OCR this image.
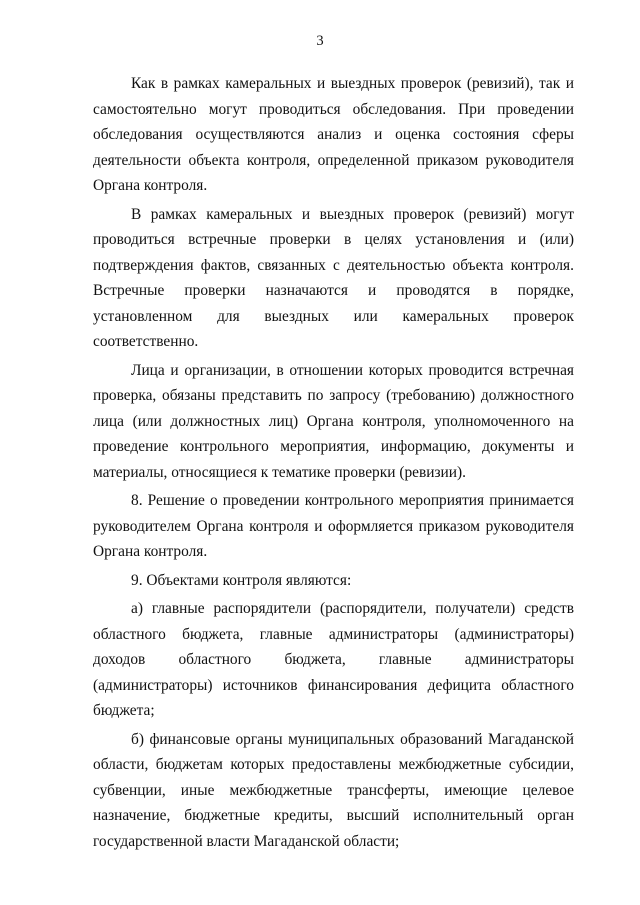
3

Как в рамках камеральных и выездных проверок (ревизий), так и самостоятельно могут проводиться обследования. При проведении обследования осуществляются анализ и оценка состояния сферы деятельности объекта контроля, определенной приказом руководителя Органа контроля.

В рамках камеральных и выездных проверок (ревизий) могут проводиться встречные проверки в целях установления и (или) подтверждения фактов, связанных с деятельностью объекта контроля. Встречные проверки назначаются и проводятся в порядке, установленном для выездных или камеральных проверок соответственно.

Лица и организации, в отношении которых проводится встречная проверка, обязаны представить по запросу (требованию) должностного лица (или должностных лиц) Органа контроля, уполномоченного на проведение контрольного мероприятия, информацию, документы и материалы, относящиеся к тематике проверки (ревизии).

8. Решение о проведении контрольного мероприятия принимается руководителем Органа контроля и оформляется приказом руководителя Органа контроля.

9. Объектами контроля являются:

а) главные распорядители (распорядители, получатели) средств областного бюджета, главные администраторы (администраторы) доходов областного бюджета, главные администраторы (администраторы) источников финансирования дефицита областного бюджета;

б) финансовые органы муниципальных образований Магаданской области, бюджетам которых предоставлены межбюджетные субсидии, субвенции, иные межбюджетные трансферты, имеющие целевое назначение, бюджетные кредиты, высший исполнительный орган государственной власти Магаданской области;
